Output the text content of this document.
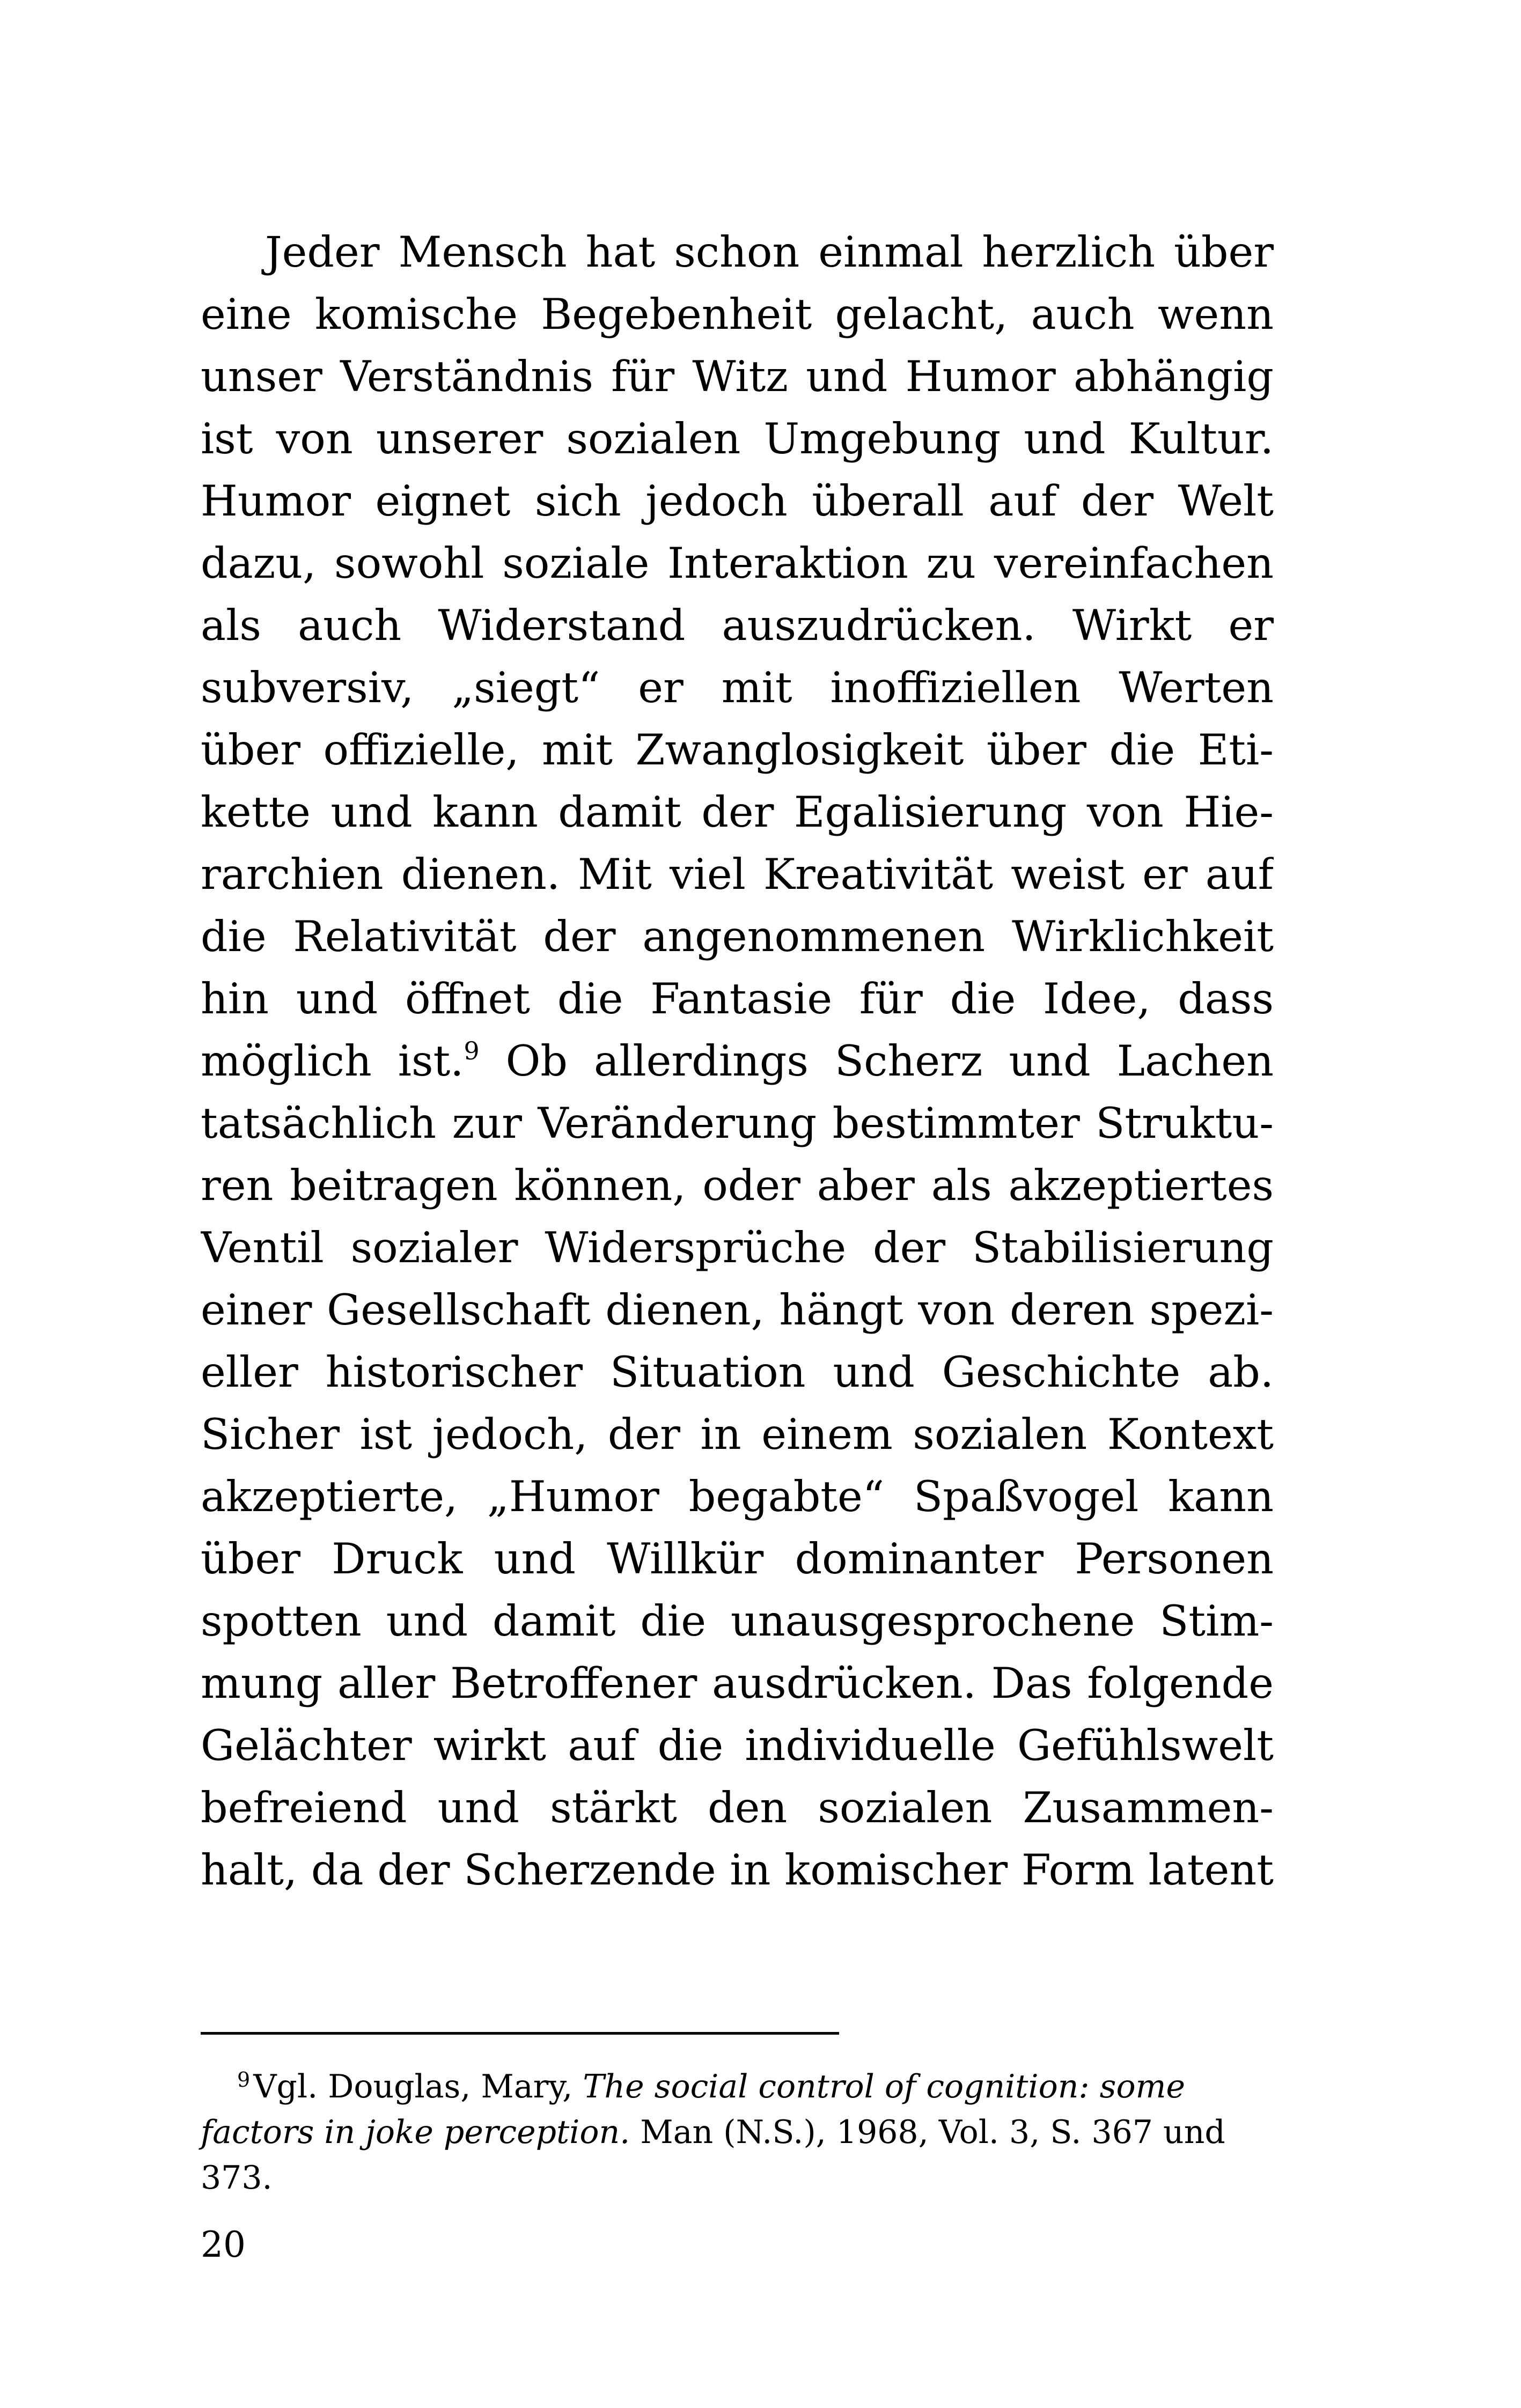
Jeder Mensch hat schon einmal herzlich über
eine komische Begebenheit gelacht, auch wenn
unser Verständnis für Witz und Humor abhängig
ist von unserer sozialen Umgebung und Kultur.
Humor eignet sich jedoch überall auf der Welt
dazu, sowohl soziale Interaktion zu vereinfachen
als auch Widerstand auszudrücken. Wirkt er
subversiv, „siegt“ er mit inoffiziellen Werten
über offizielle, mit Zwanglosigkeit über die Eti-
kette und kann damit der Egalisierung von Hie-
rarchien dienen. Mit viel Kreativität weist er auf
die Relativität der angenommenen Wirklichkeit
hin und öffnet die Fantasie für die Idee, dass
möglich ist.$^9$ Ob allerdings Scherz und Lachen
tatsächlich zur Veränderung bestimmter Struktu-
ren beitragen können, oder aber als akzeptiertes
Ventil sozialer Widersprüche der Stabilisierung
einer Gesellschaft dienen, hängt von deren spezi-
eller historischer Situation und Geschichte ab.
Sicher ist jedoch, der in einem sozialen Kontext
akzeptierte, „Humor begabte“ Spaßvogel kann
über Druck und Willkür dominanter Personen
spotten und damit die unausgesprochene Stim-
mung aller Betroffener ausdrücken. Das folgende
Gelächter wirkt auf die individuelle Gefühlswelt
befreiend und stärkt den sozialen Zusammen-
halt, da der Scherzende in komischer Form latent
$^9$ Vgl. Douglas, Mary, The social control of cognition: some
factors in joke perception. Man (N.S.), 1968, Vol. 3, S. 367 und
373.
20
